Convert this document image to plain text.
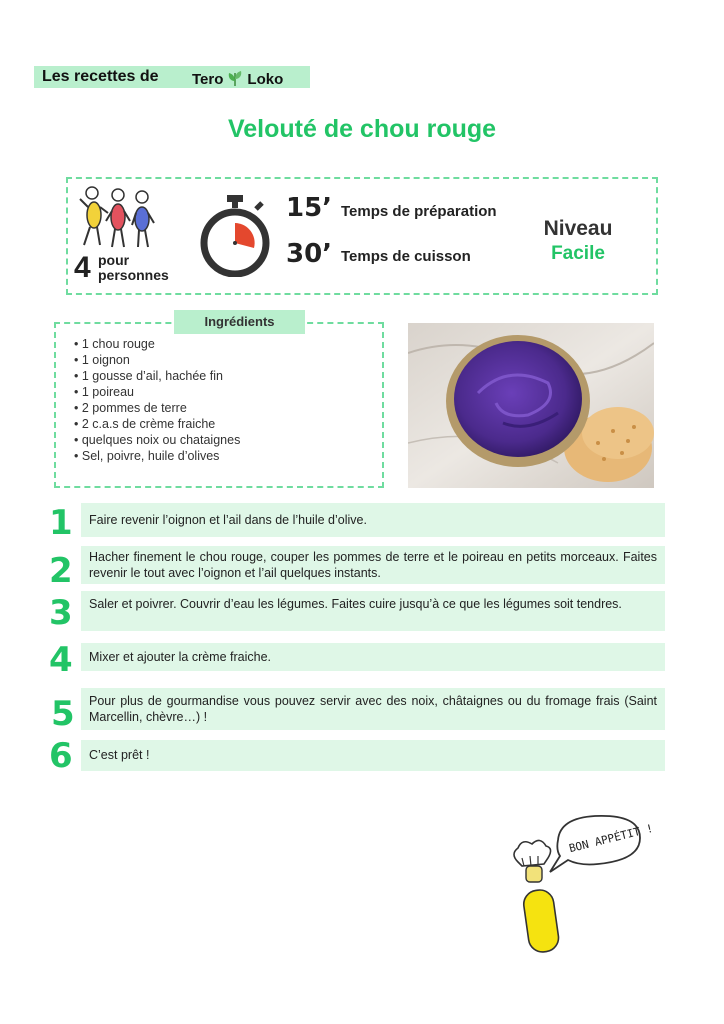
Les recettes de Tero Loko
Velouté de chou rouge
4 pour
personnes
15’ Temps de préparation
30’ Temps de cuisson
Niveau
Facile
Ingrédients
• 1 chou rouge
• 1 oignon
• 1 gousse d’ail, hachée fin
• 1 poireau
• 2 pommes de terre
• 2 c.a.s de crème fraiche
• quelques noix ou chataignes
• Sel, poivre, huile d’olives
1 Faire revenir l’oignon et l’ail dans de l’huile d’olive.
2 Hacher finement le chou rouge, couper les pommes de terre et le poireau en petits morceaux. Faites revenir le tout avec l’oignon et l’ail quelques instants.
3 Saler et poivrer. Couvrir d’eau les légumes. Faites cuire jusqu’à ce que les légumes soit tendres.
4 Mixer et ajouter la crème fraiche.
5 Pour plus de gourmandise vous pouvez servir avec des noix, châtaignes ou du fromage frais (Saint Marcellin, chèvre…) !
6 C’est prêt !
BON APPÉTIT !
